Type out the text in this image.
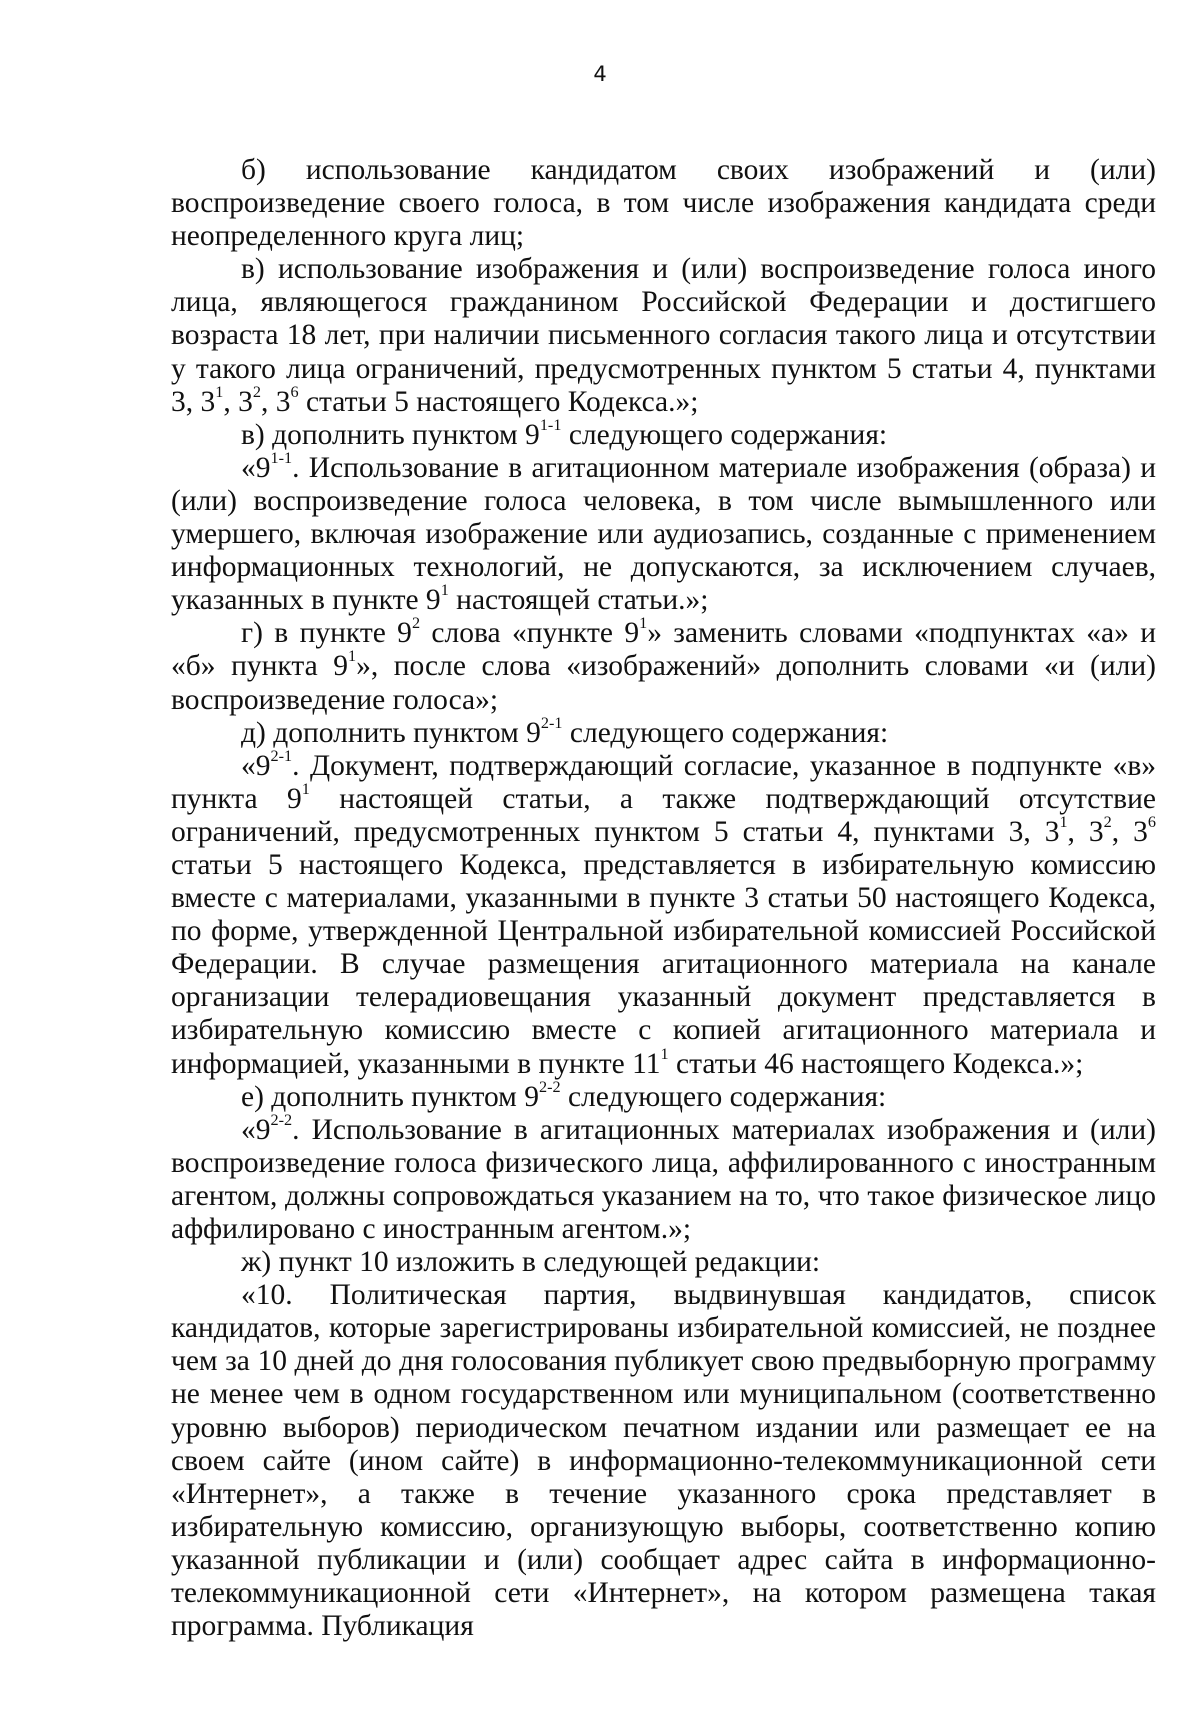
4

б) использование кандидатом своих изображений и (или) воспроизведение своего голоса, в том числе изображения кандидата среди неопределенного круга лиц;

в) использование изображения и (или) воспроизведение голоса иного лица, являющегося гражданином Российской Федерации и достигшего возраста 18 лет, при наличии письменного согласия такого лица и отсутствии у такого лица ограничений, предусмотренных пунктом 5 статьи 4, пунктами 3, $3^1$, $3^2$, $3^6$ статьи 5 настоящего Кодекса.»;

в) дополнить пунктом 9$^{1-1}$ следующего содержания:

«9$^{1-1}$. Использование в агитационном материале изображения (образа) и (или) воспроизведение голоса человека, в том числе вымышленного или умершего, включая изображение или аудиозапись, созданные с применением информационных технологий, не допускаются, за исключением случаев, указанных в пункте $9^1$ настоящей статьи.»;

г) в пункте $9^2$ слова «пункте $9^1$» заменить словами «подпунктах «а» и «б» пункта $9^1$», после слова «изображений» дополнить словами «и (или) воспроизведение голоса»;

д) дополнить пунктом 9$^{2-1}$ следующего содержания:

«9$^{2-1}$. Документ, подтверждающий согласие, указанное в подпункте «в» пункта $9^1$ настоящей статьи, а также подтверждающий отсутствие ограничений, предусмотренных пунктом 5 статьи 4, пунктами 3, $3^1$, $3^2$, $3^6$ статьи 5 настоящего Кодекса, представляется в избирательную комиссию вместе с материалами, указанными в пункте 3 статьи 50 настоящего Кодекса, по форме, утвержденной Центральной избирательной комиссией Российской Федерации. В случае размещения агитационного материала на канале организации телерадиовещания указанный документ представляется в избирательную комиссию вместе с копией агитационного материала и информацией, указанными в пункте $11^1$ статьи 46 настоящего Кодекса.»;

е) дополнить пунктом 9$^{2-2}$ следующего содержания:

«9$^{2-2}$. Использование в агитационных материалах изображения и (или) воспроизведение голоса физического лица, аффилированного с иностранным агентом, должны сопровождаться указанием на то, что такое физическое лицо аффилировано с иностранным агентом.»;

ж) пункт 10 изложить в следующей редакции:

«10. Политическая партия, выдвинувшая кандидатов, список кандидатов, которые зарегистрированы избирательной комиссией, не позднее чем за 10 дней до дня голосования публикует свою предвыборную программу не менее чем в одном государственном или муниципальном (соответственно уровню выборов) периодическом печатном издании или размещает ее на своем сайте (ином сайте) в информационно-телекоммуникационной сети «Интернет», а также в течение указанного срока представляет в избирательную комиссию, организующую выборы, соответственно копию указанной публикации и (или) сообщает адрес сайта в информационно-телекоммуникационной сети «Интернет», на котором размещена такая программа. Публикация
